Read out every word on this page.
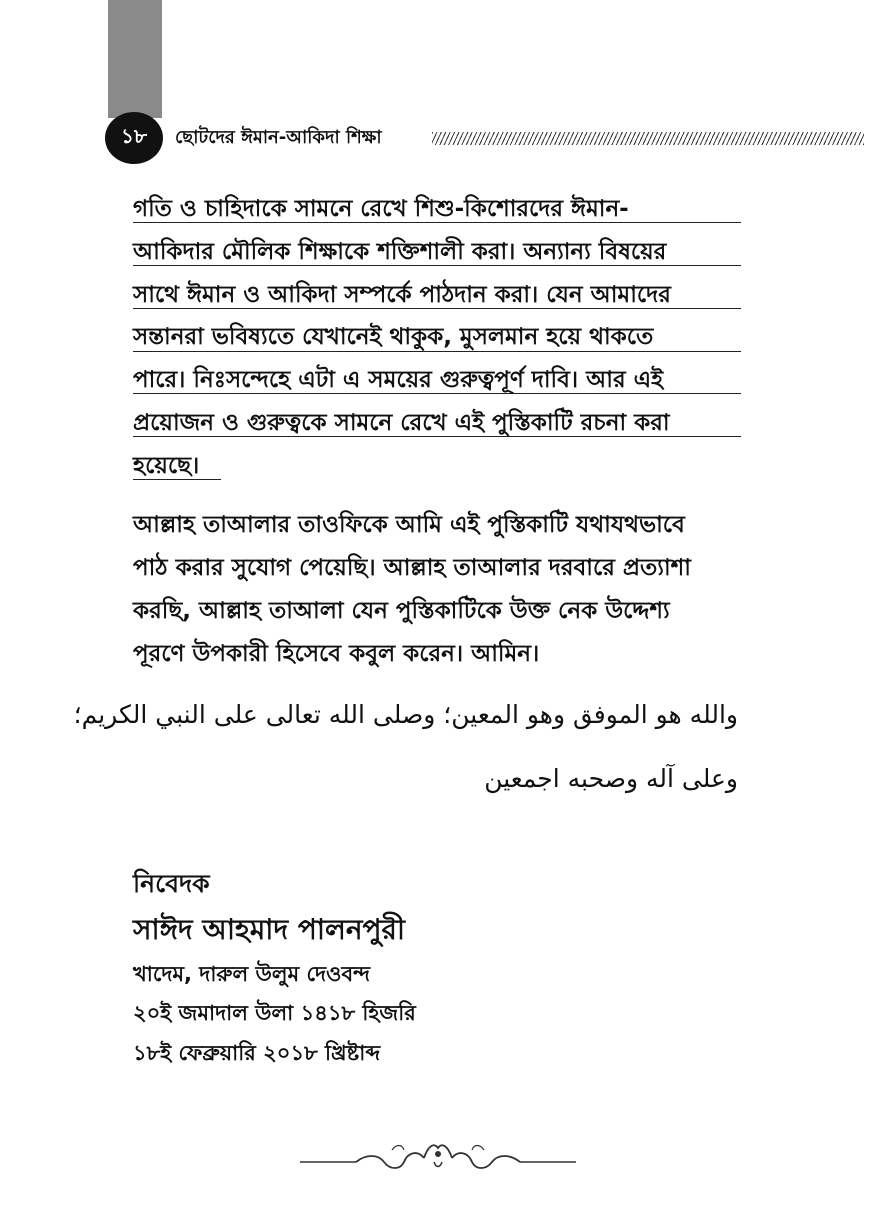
১৮	ছোটদের ঈমান-আকিদা শিক্ষা
গতি ও চাহিদাকে সামনে রেখে শিশু-কিশোরদের ঈমান-
আকিদার মৌলিক শিক্ষাকে শক্তিশালী করা। অন্যান্য বিষয়ের
সাথে ঈমান ও আকিদা সম্পর্কে পাঠদান করা। যেন আমাদের
সন্তানরা ভবিষ্যতে যেখানেই থাকুক, মুসলমান হয়ে থাকতে
পারে। নিঃসন্দেহে এটা এ সময়ের গুরুত্বপূর্ণ দাবি। আর এই
প্রয়োজন ও গুরুত্বকে সামনে রেখে এই পুস্তিকাটি রচনা করা
হয়েছে।
আল্লাহ তাআলার তাওফিকে আমি এই পুস্তিকাটি যথাযথভাবে
পাঠ করার সুযোগ পেয়েছি। আল্লাহ তাআলার দরবারে প্রত্যাশা
করছি, আল্লাহ তাআলা যেন পুস্তিকাটিকে উক্ত নেক উদ্দেশ্য
পূরণে উপকারী হিসেবে কবুল করেন। আমিন।
والله هو الموفق وهو المعين؛ وصلى الله تعالى على النبي الكريم؛
وعلى آله وصحبه اجمعين
নিবেদক
সাঈদ আহমাদ পালনপুরী
খাদেম, দারুল উলুম দেওবন্দ
২০ই জমাদাল উলা ১৪১৮ হিজরি
১৮ই ফেব্রুয়ারি ২০১৮ খ্রিষ্টাব্দ
